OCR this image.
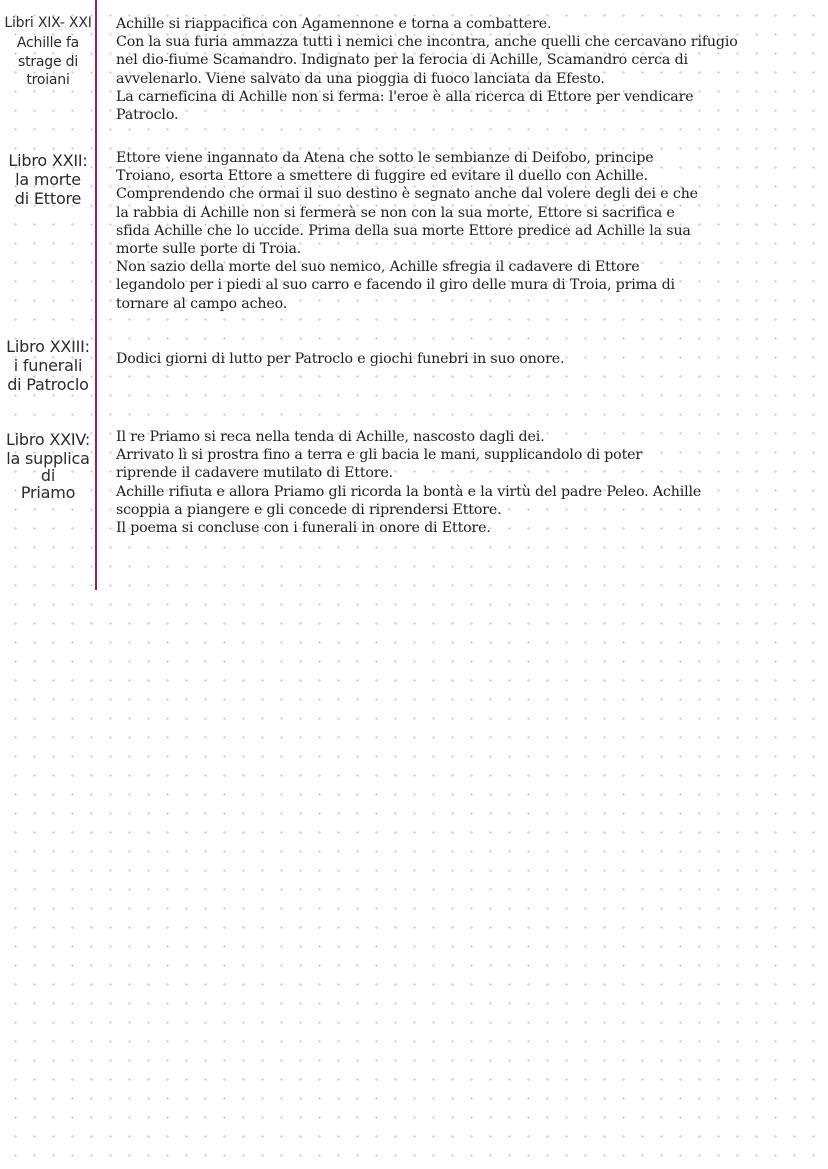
Libri XIX- XXI
Achille fa
strage di
troiani
Achille si riappacifica con Agamennone e torna a combattere.
Con la sua furia ammazza tutti i nemici che incontra, anche quelli che cercavano rifugio
nel dio-fiume Scamandro. Indignato per la ferocia di Achille, Scamandro cerca di
avvelenarlo. Viene salvato da una pioggia di fuoco lanciata da Efesto.
La carneficina di Achille non si ferma: l'eroe è alla ricerca di Ettore per vendicare
Patroclo.
Libro XXII:
la morte
di Ettore
Ettore viene ingannato da Atena che sotto le sembianze di Deifobo, principe
Troiano, esorta Ettore a smettere di fuggire ed evitare il duello con Achille.
Comprendendo che ormai il suo destino è segnato anche dal volere degli dei e che
la rabbia di Achille non si fermerà se non con la sua morte, Ettore si sacrifica e
sfida Achille che lo uccide. Prima della sua morte Ettore predice ad Achille la sua
morte sulle porte di Troia.
Non sazio della morte del suo nemico, Achille sfregia il cadavere di Ettore
legandolo per i piedi al suo carro e facendo il giro delle mura di Troia, prima di
tornare al campo acheo.
Libro XXIII:
i funerali
di Patroclo
Dodici giorni di lutto per Patroclo e giochi funebri in suo onore.
Libro XXIV:
la supplica
di
Priamo
Il re Priamo si reca nella tenda di Achille, nascosto dagli dei.
Arrivato lì si prostra fino a terra e gli bacia le mani, supplicandolo di poter
riprende il cadavere mutilato di Ettore.
Achille rifiuta e allora Priamo gli ricorda la bontà e la virtù del padre Peleo. Achille
scoppia a piangere e gli concede di riprendersi Ettore.
Il poema si concluse con i funerali in onore di Ettore.
